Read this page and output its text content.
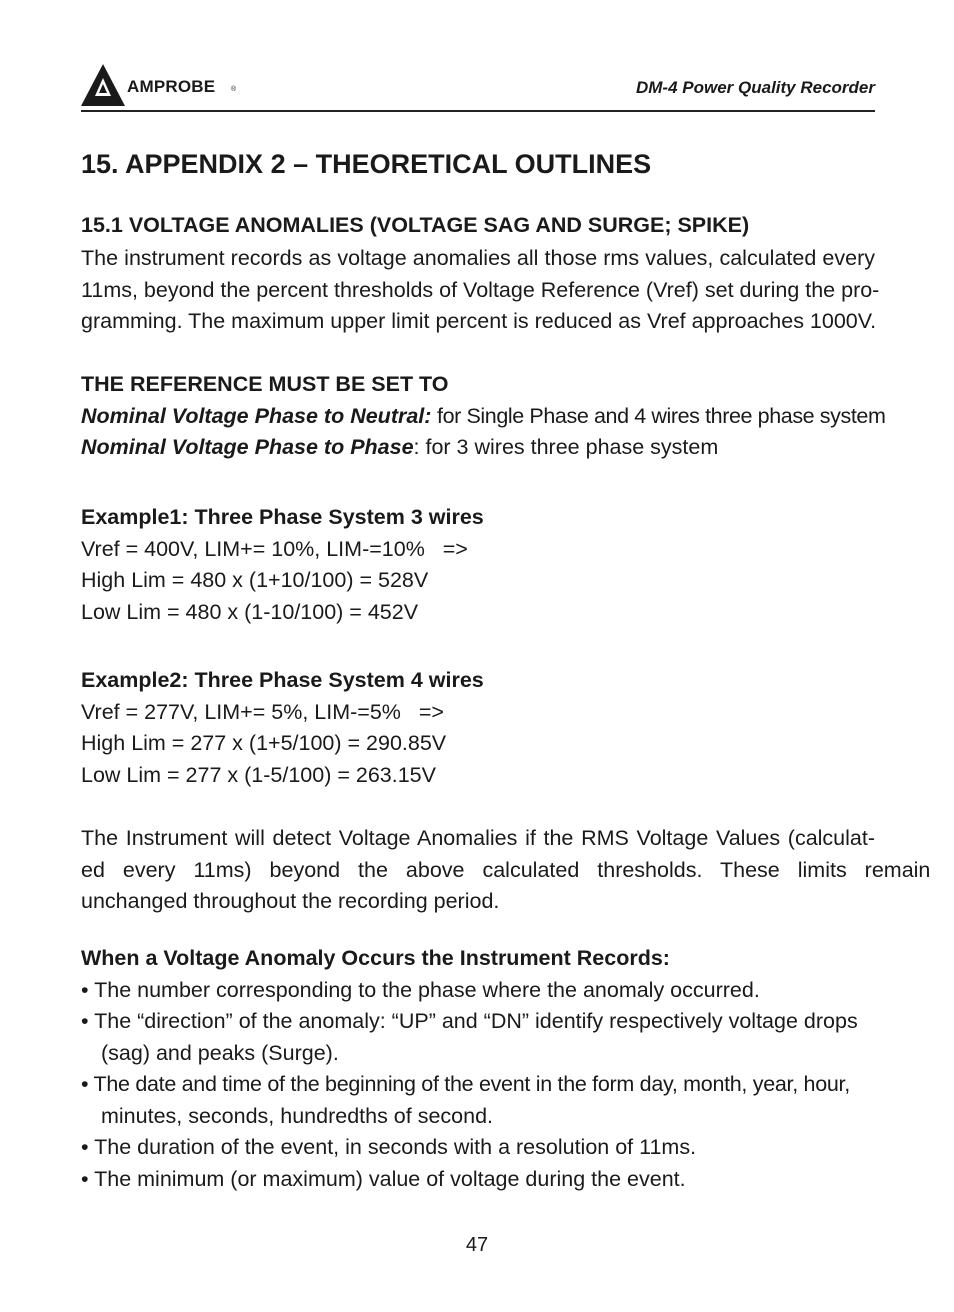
AMPROBE ®	DM-4 Power Quality Recorder
15. APPENDIX 2 – THEORETICAL OUTLINES
15.1 VOLTAGE ANOMALIES (VOLTAGE SAG AND SURGE; SPIKE)
The instrument records as voltage anomalies all those rms values, calculated every
11ms, beyond the percent thresholds of Voltage Reference (Vref) set during the pro-
gramming. The maximum upper limit percent is reduced as Vref approaches 1000V.
THE REFERENCE MUST BE SET TO
Nominal Voltage Phase to Neutral: for Single Phase and 4 wires three phase system
Nominal Voltage Phase to Phase: for 3 wires three phase system
Example1: Three Phase System 3 wires
Vref = 400V, LIM+= 10%, LIM-=10%   =>
High Lim = 480 x (1+10/100) = 528V
Low Lim = 480 x (1-10/100) = 452V
Example2: Three Phase System 4 wires
Vref = 277V, LIM+= 5%, LIM-=5%   =>
High Lim = 277 x (1+5/100) = 290.85V
Low Lim = 277 x (1-5/100) = 263.15V
The Instrument will detect Voltage Anomalies if the RMS Voltage Values (calculat-
ed every 11ms) beyond the above calculated thresholds. These limits remain
unchanged throughout the recording period.
When a Voltage Anomaly Occurs the Instrument Records:
• The number corresponding to the phase where the anomaly occurred.
• The “direction” of the anomaly: “UP” and “DN” identify respectively voltage drops
(sag) and peaks (Surge).
• The date and time of the beginning of the event in the form day, month, year, hour,
minutes, seconds, hundredths of second.
• The duration of the event, in seconds with a resolution of 11ms.
• The minimum (or maximum) value of voltage during the event.
47
